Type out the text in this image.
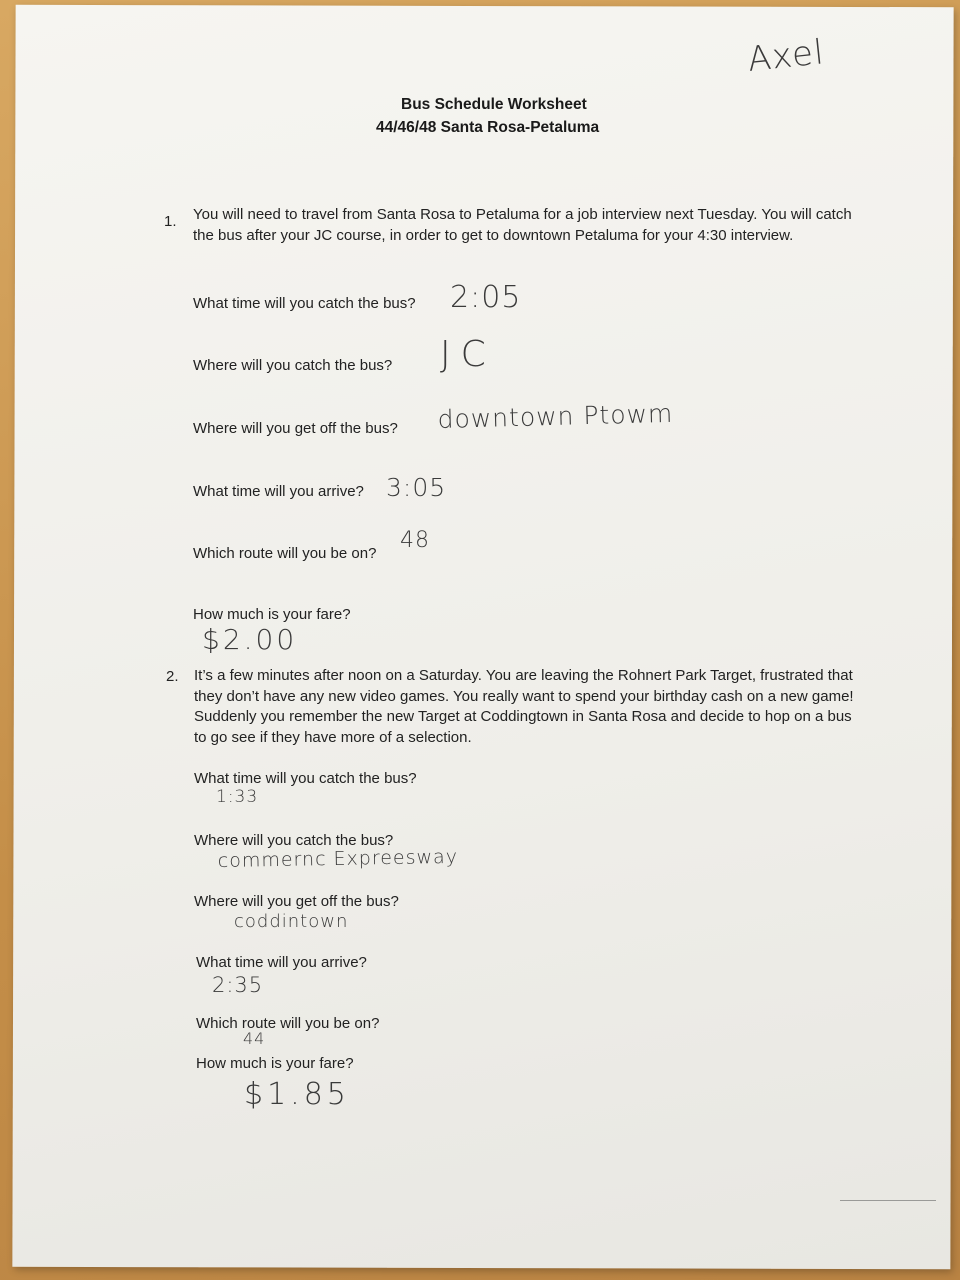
Axel
Bus Schedule Worksheet
44/46/48 Santa Rosa-Petaluma
1. You will need to travel from Santa Rosa to Petaluma for a job interview next Tuesday. You will catch the bus after your JC course, in order to get to downtown Petaluma for your 4:30 interview.
What time will you catch the bus? 2:05
Where will you catch the bus? JC
Where will you get off the bus? downtown Ptowm
What time will you arrive? 3:05
Which route will you be on?
48
How much is your fare?
$2.00
2. It’s a few minutes after noon on a Saturday. You are leaving the Rohnert Park Target, frustrated that they don’t have any new video games. You really want to spend your birthday cash on a new game! Suddenly you remember the new Target at Coddingtown in Santa Rosa and decide to hop on a bus to go see if they have more of a selection.
What time will you catch the bus?
1:33
Where will you catch the bus?
commernc Expreesway
Where will you get off the bus?
coddintown
What time will you arrive?
2:35
Which route will you be on?
44
How much is your fare?
$1.85
